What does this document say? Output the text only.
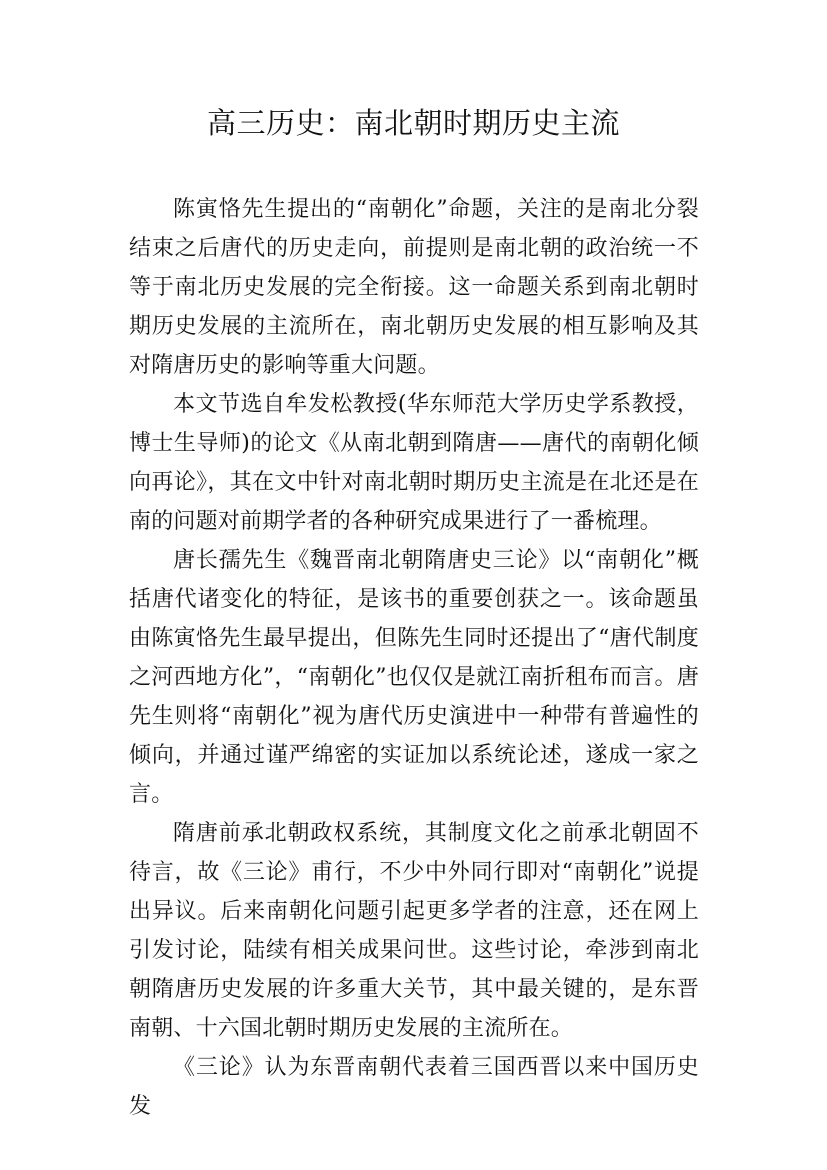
高三历史：南北朝时期历史主流

陈寅恪先生提出的“南朝化”命题，关注的是南北分裂结束之后唐代的历史走向，前提则是南北朝的政治统一不等于南北历史发展的完全衔接。这一命题关系到南北朝时期历史发展的主流所在，南北朝历史发展的相互影响及其对隋唐历史的影响等重大问题。

本文节选自牟发松教授(华东师范大学历史学系教授，博士生导师)的论文《从南北朝到隋唐——唐代的南朝化倾向再论》，其在文中针对南北朝时期历史主流是在北还是在南的问题对前期学者的各种研究成果进行了一番梳理。

唐长孺先生《魏晋南北朝隋唐史三论》以“南朝化”概括唐代诸变化的特征，是该书的重要创获之一。该命题虽由陈寅恪先生最早提出，但陈先生同时还提出了“唐代制度之河西地方化”，“南朝化”也仅仅是就江南折租布而言。唐先生则将“南朝化”视为唐代历史演进中一种带有普遍性的倾向，并通过谨严绵密的实证加以系统论述，遂成一家之言。

隋唐前承北朝政权系统，其制度文化之前承北朝固不待言，故《三论》甫行，不少中外同行即对“南朝化”说提出异议。后来南朝化问题引起更多学者的注意，还在网上引发讨论，陆续有相关成果问世。这些讨论，牵涉到南北朝隋唐历史发展的许多重大关节，其中最关键的，是东晋南朝、十六国北朝时期历史发展的主流所在。

《三论》认为东晋南朝代表着三国西晋以来中国历史发
